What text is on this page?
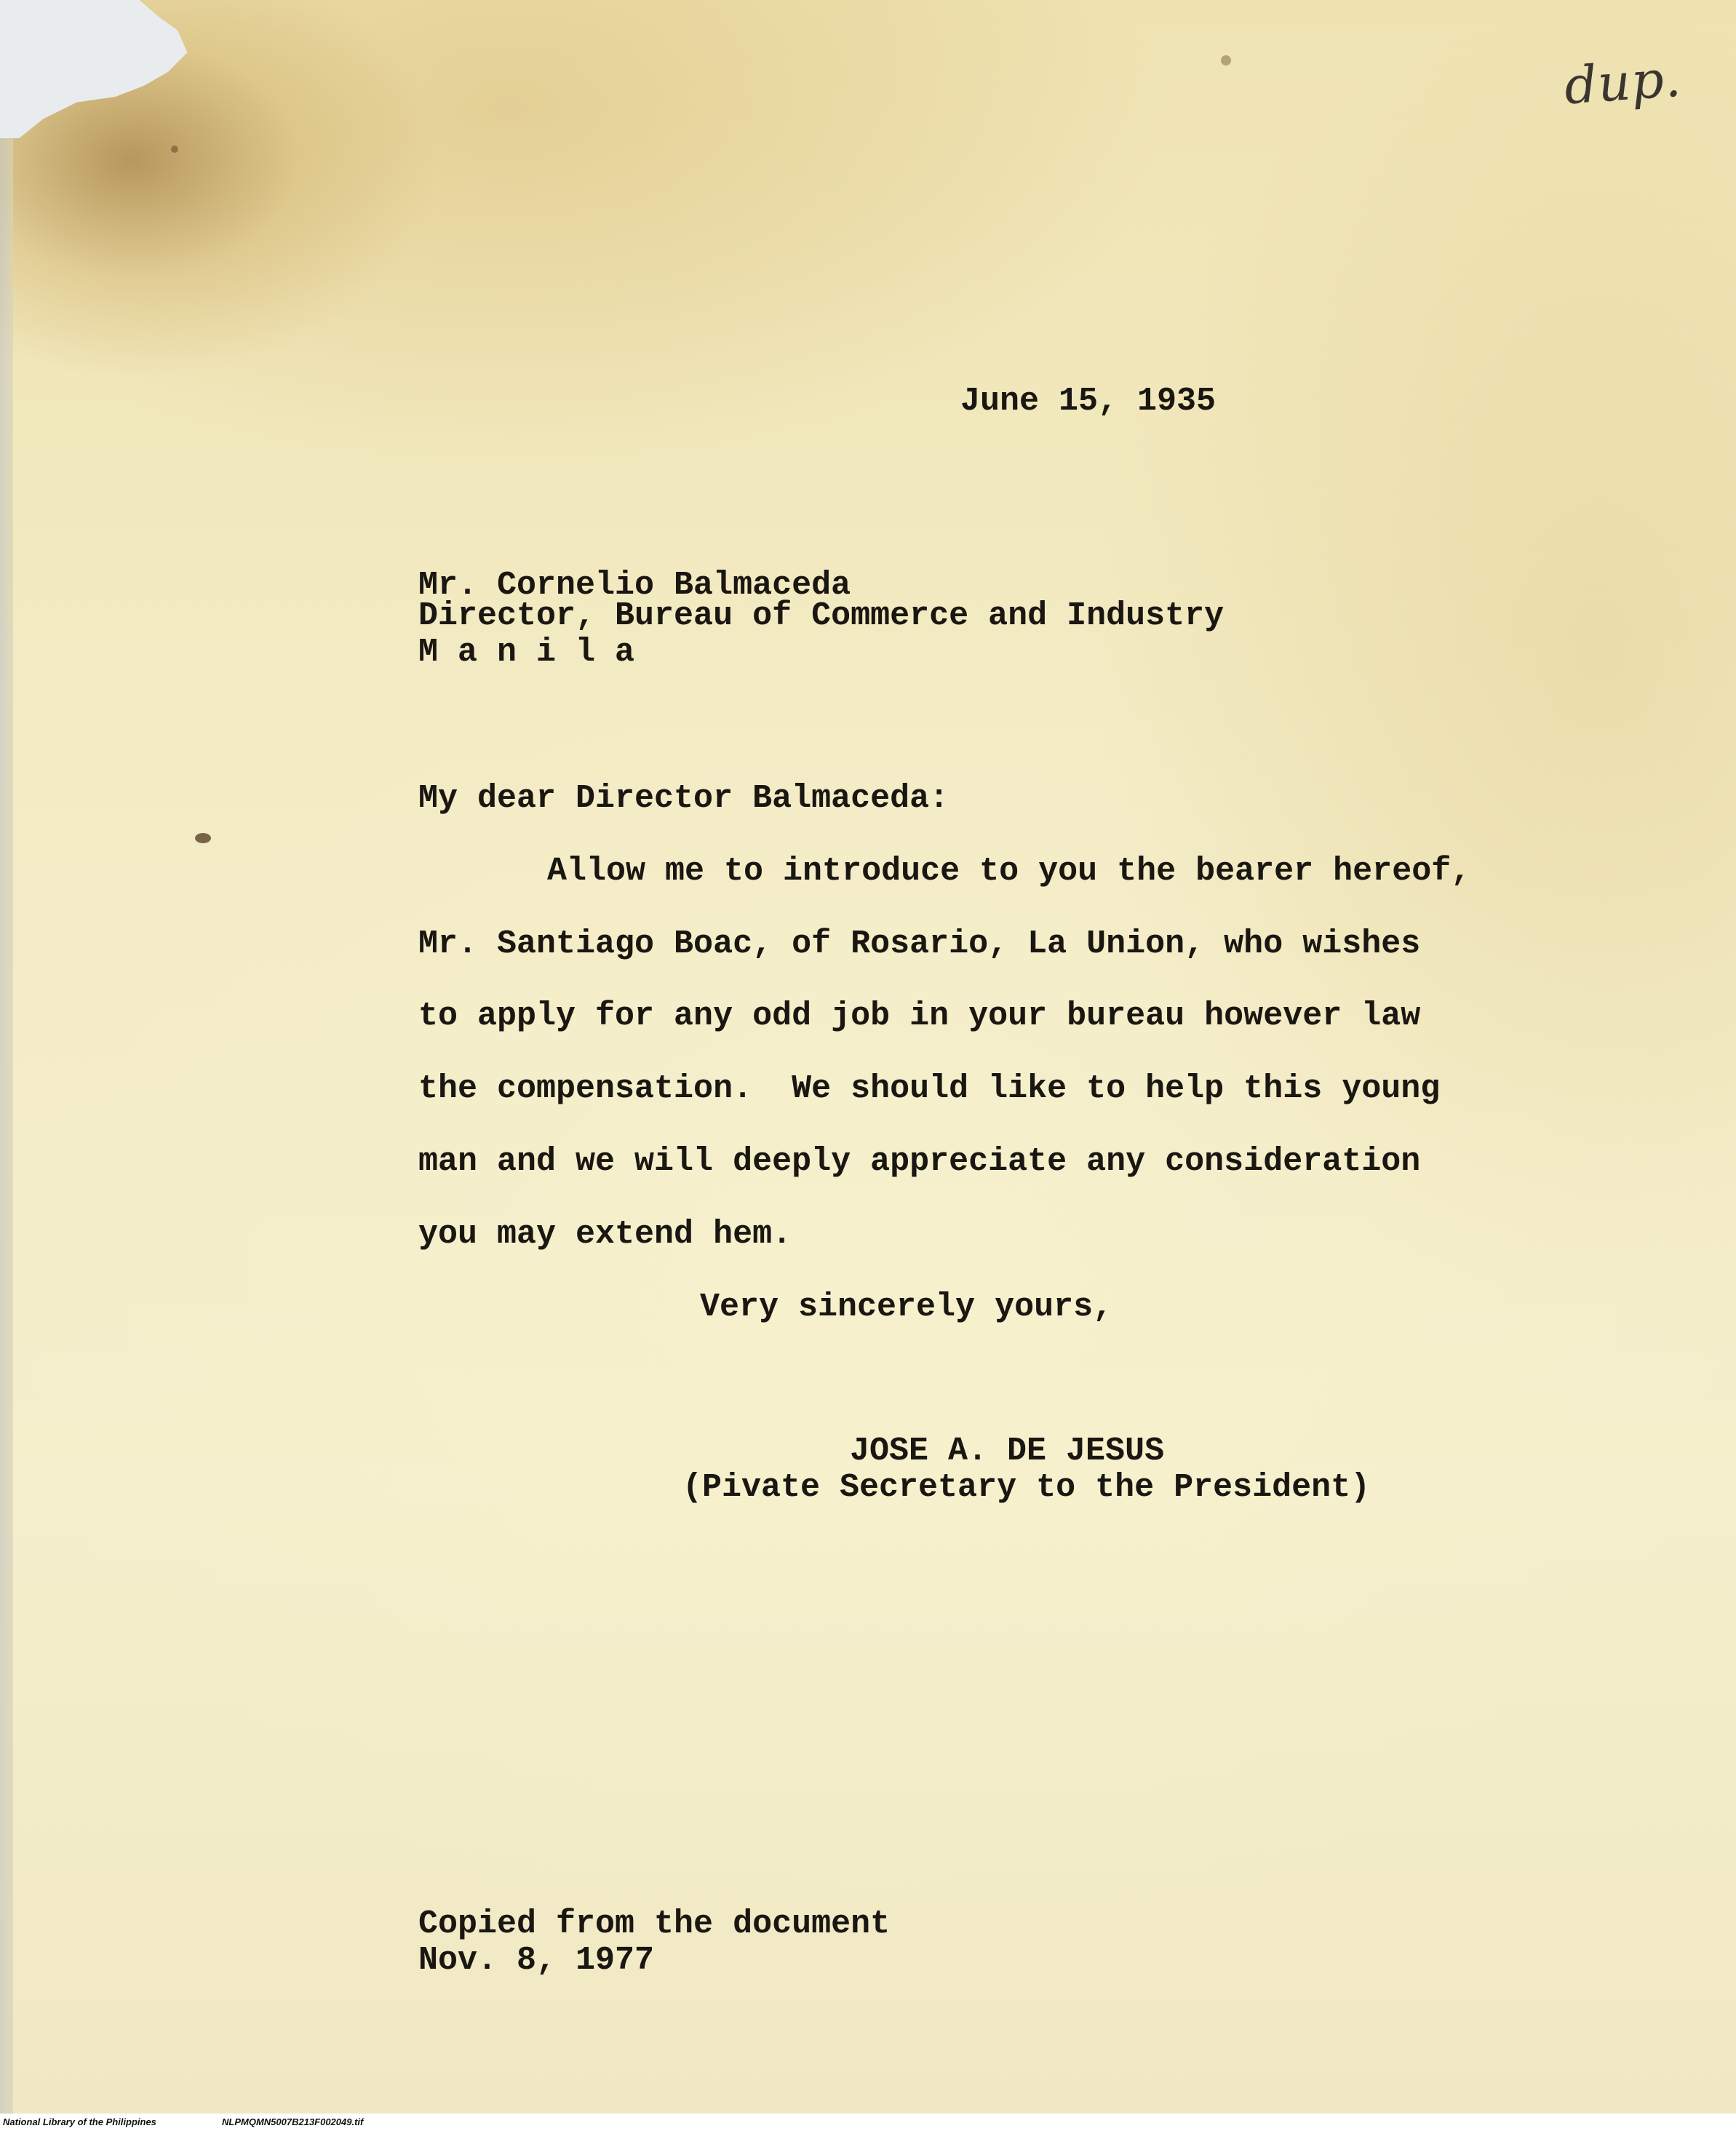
dup.
June 15, 1935
Mr. Cornelio Balmaceda
Director, Bureau of Commerce and Industry
M a n i l a
My dear Director Balmaceda:
Allow me to introduce to you the bearer hereof,
Mr. Santiago Boac, of Rosario, La Union, who wishes
to apply for any odd job in your bureau however law
the compensation.  We should like to help this young
man and we will deeply appreciate any consideration
you may extend hem.
Very sincerely yours,
JOSE A. DE JESUS
(Pivate Secretary to the President)
Copied from the document
Nov. 8, 1977

National Library of the Philippines

	NLPMQMN5007B213F002049.tif
